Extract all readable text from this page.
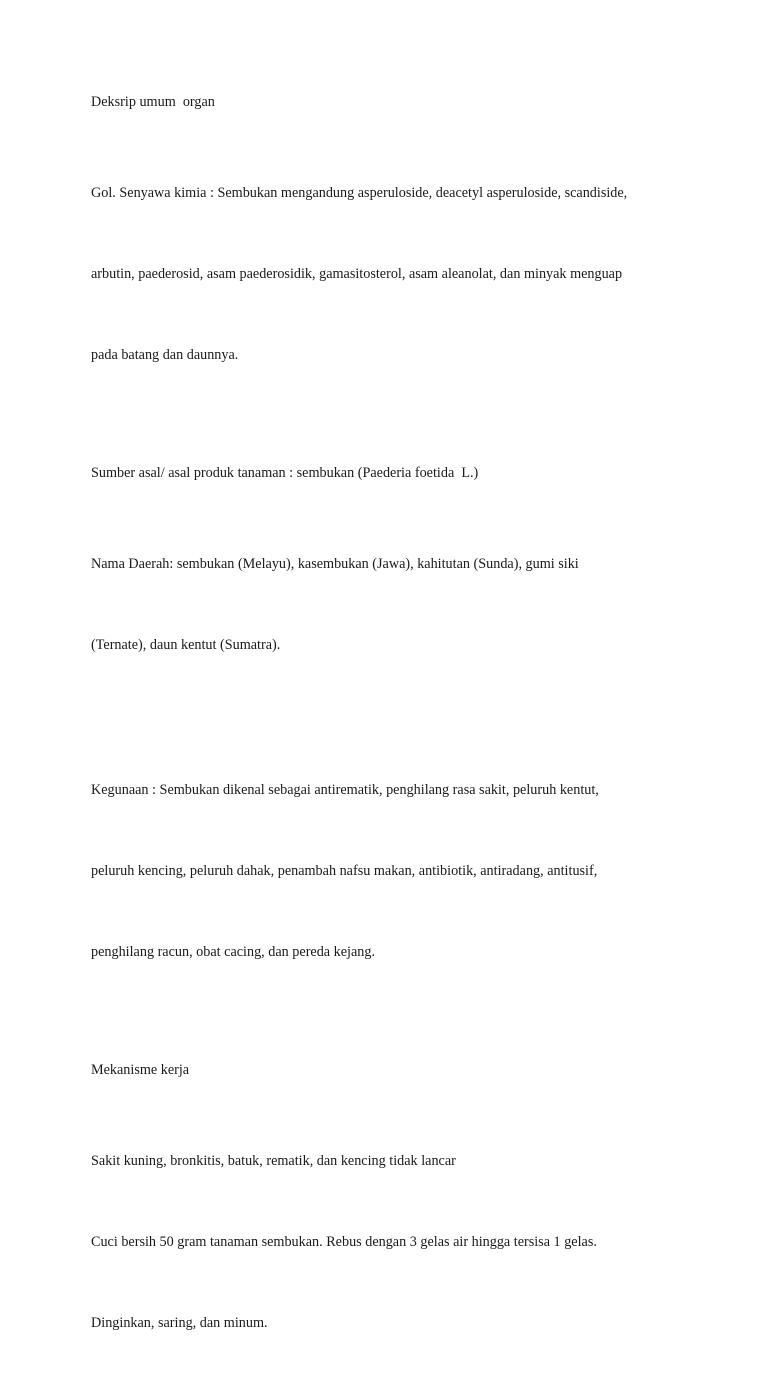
Deksrip umum  organ

Gol. Senyawa kimia : Sembukan mengandung asperuloside, deacetyl asperuloside, scandiside,

arbutin, paederosid, asam paederosidik, gamasitosterol, asam aleanolat, dan minyak menguap

pada batang dan daunnya.

Sumber asal/ asal produk tanaman : sembukan (Paederia foetida  L.)

Nama Daerah: sembukan (Melayu), kasembukan (Jawa), kahitutan (Sunda), gumi siki

(Ternate), daun kentut (Sumatra).

Kegunaan : Sembukan dikenal sebagai antirematik, penghilang rasa sakit, peluruh kentut,

peluruh kencing, peluruh dahak, penambah nafsu makan, antibiotik, antiradang, antitusif,

penghilang racun, obat cacing, dan pereda kejang.

Mekanisme kerja

Sakit kuning, bronkitis, batuk, rematik, dan kencing tidak lancar

Cuci bersih 50 gram tanaman sembukan. Rebus dengan 3 gelas air hingga tersisa 1 gelas.

Dinginkan, saring, dan minum.
